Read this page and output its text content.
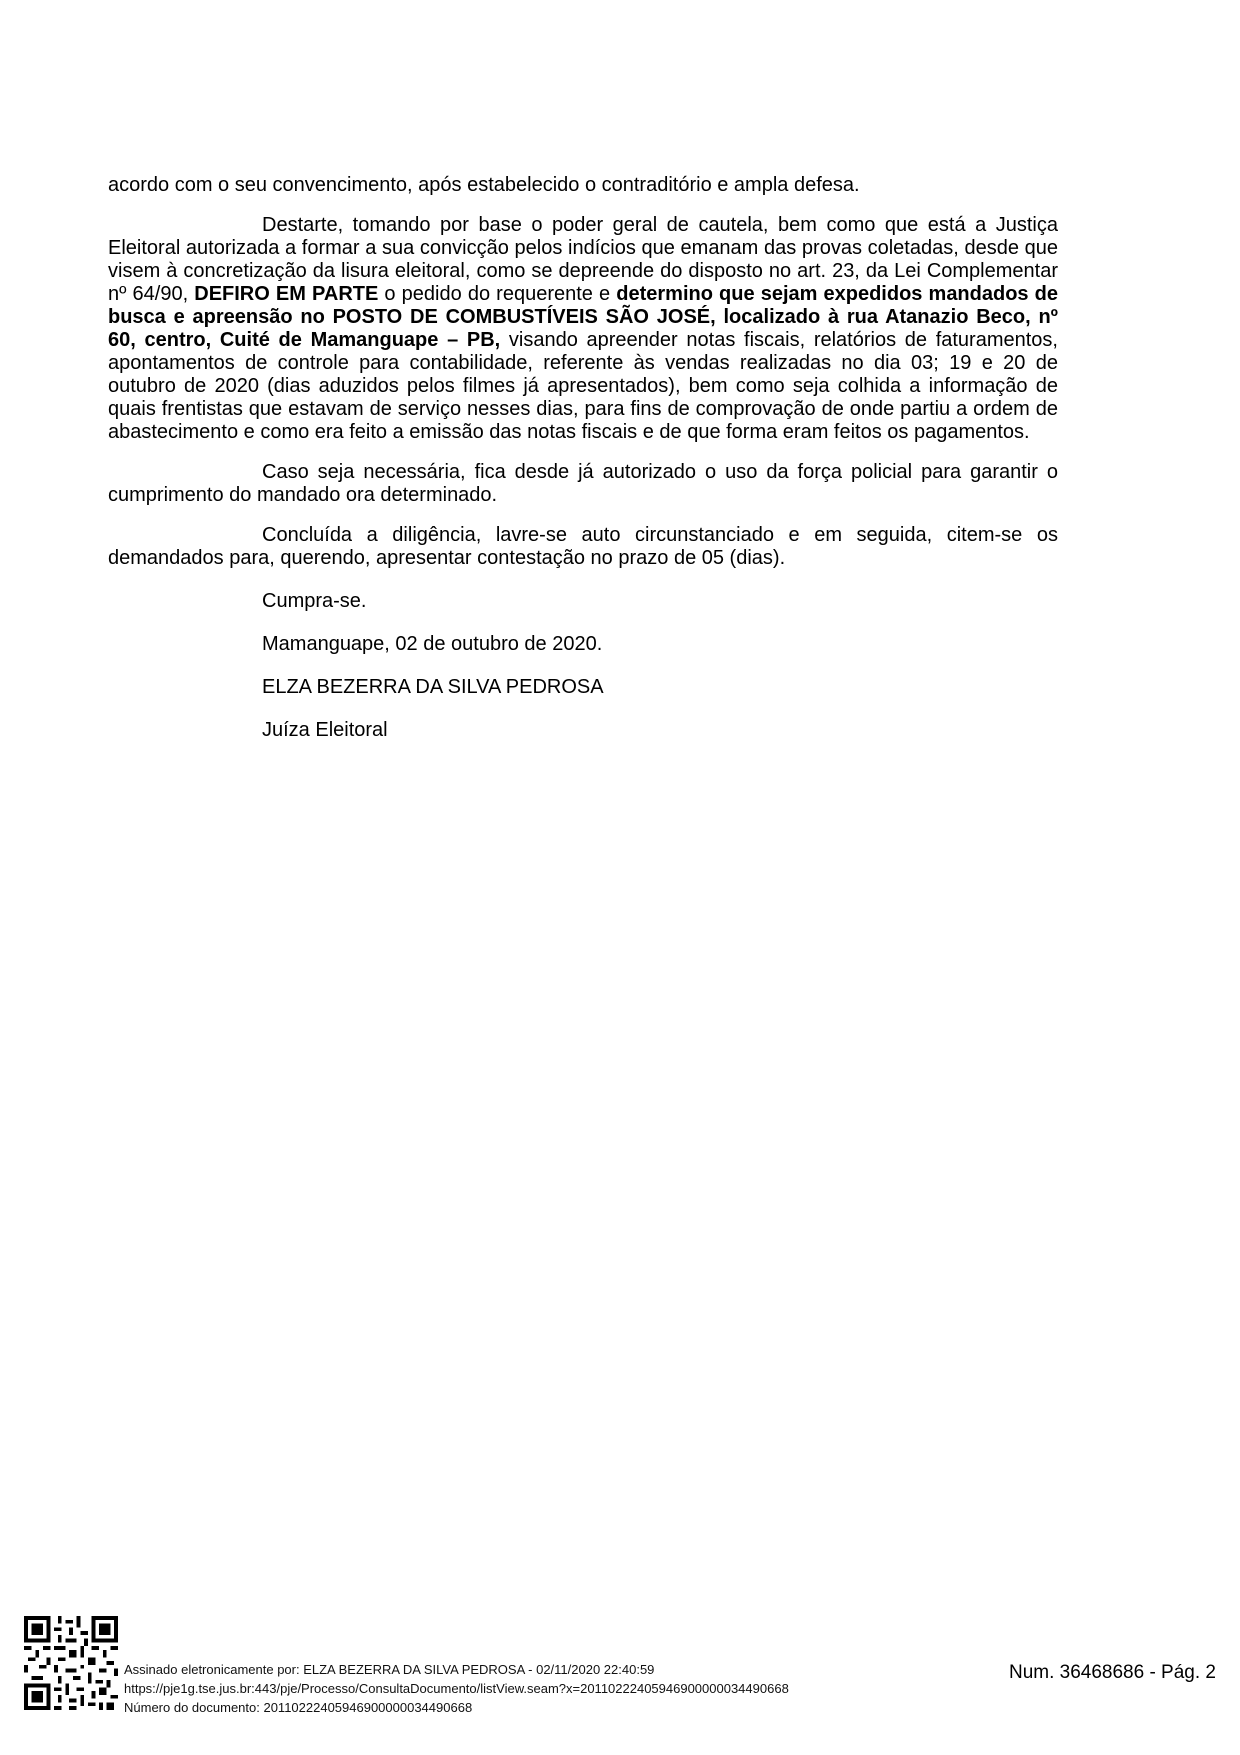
acordo com o seu convencimento, após estabelecido o contraditório e ampla defesa.

Destarte, tomando por base o poder geral de cautela, bem como que está a Justiça Eleitoral autorizada a formar a sua convicção pelos indícios que emanam das provas coletadas, desde que visem à concretização da lisura eleitoral, como se depreende do disposto no art. 23, da Lei Complementar nº 64/90, DEFIRO EM PARTE o pedido do requerente e determino que sejam expedidos mandados de busca e apreensão no POSTO DE COMBUSTÍVEIS SÃO JOSÉ, localizado à rua Atanazio Beco, nº 60, centro, Cuité de Mamanguape – PB, visando apreender notas fiscais, relatórios de faturamentos, apontamentos de controle para contabilidade, referente às vendas realizadas no dia 03; 19 e 20 de outubro de 2020 (dias aduzidos pelos filmes já apresentados), bem como seja colhida a informação de quais frentistas que estavam de serviço nesses dias, para fins de comprovação de onde partiu a ordem de abastecimento e como era feito a emissão das notas fiscais e de que forma eram feitos os pagamentos.

Caso seja necessária, fica desde já autorizado o uso da força policial para garantir o cumprimento do mandado ora determinado.

Concluída a diligência, lavre-se auto circunstanciado e em seguida, citem-se os demandados para, querendo, apresentar contestação no prazo de 05 (dias).

Cumpra-se.

Mamanguape, 02 de outubro de 2020.

ELZA BEZERRA DA SILVA PEDROSA

Juíza Eleitoral

Assinado eletronicamente por: ELZA BEZERRA DA SILVA PEDROSA - 02/11/2020 22:40:59
https://pje1g.tse.jus.br:443/pje/Processo/ConsultaDocumento/listView.seam?x=20110222405946900000034490668
Número do documento: 20110222405946900000034490668
Num. 36468686 - Pág. 2
